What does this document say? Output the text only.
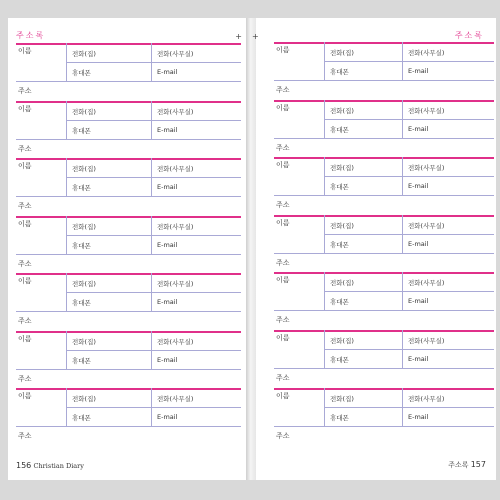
주소록	+
이름	전화(집)	전화(사무실)
휴대폰	E-mail
주소
이름	전화(집)	전화(사무실)
휴대폰	E-mail
주소
이름	전화(집)	전화(사무실)
휴대폰	E-mail
주소
이름	전화(집)	전화(사무실)
휴대폰	E-mail
주소
이름	전화(집)	전화(사무실)
휴대폰	E-mail
주소
이름	전화(집)	전화(사무실)
휴대폰	E-mail
주소
이름	전화(집)	전화(사무실)
휴대폰	E-mail
주소
156 Christian Diary
주소록
+
이름	전화(집)	전화(사무실)
휴대폰	E-mail
주소
이름	전화(집)	전화(사무실)
휴대폰	E-mail
주소
이름	전화(집)	전화(사무실)
휴대폰	E-mail
주소
이름	전화(집)	전화(사무실)
휴대폰	E-mail
주소
이름	전화(집)	전화(사무실)
휴대폰	E-mail
주소
이름	전화(집)	전화(사무실)
휴대폰	E-mail
주소
이름	전화(집)	전화(사무실)
휴대폰	E-mail
주소
주소록 157
